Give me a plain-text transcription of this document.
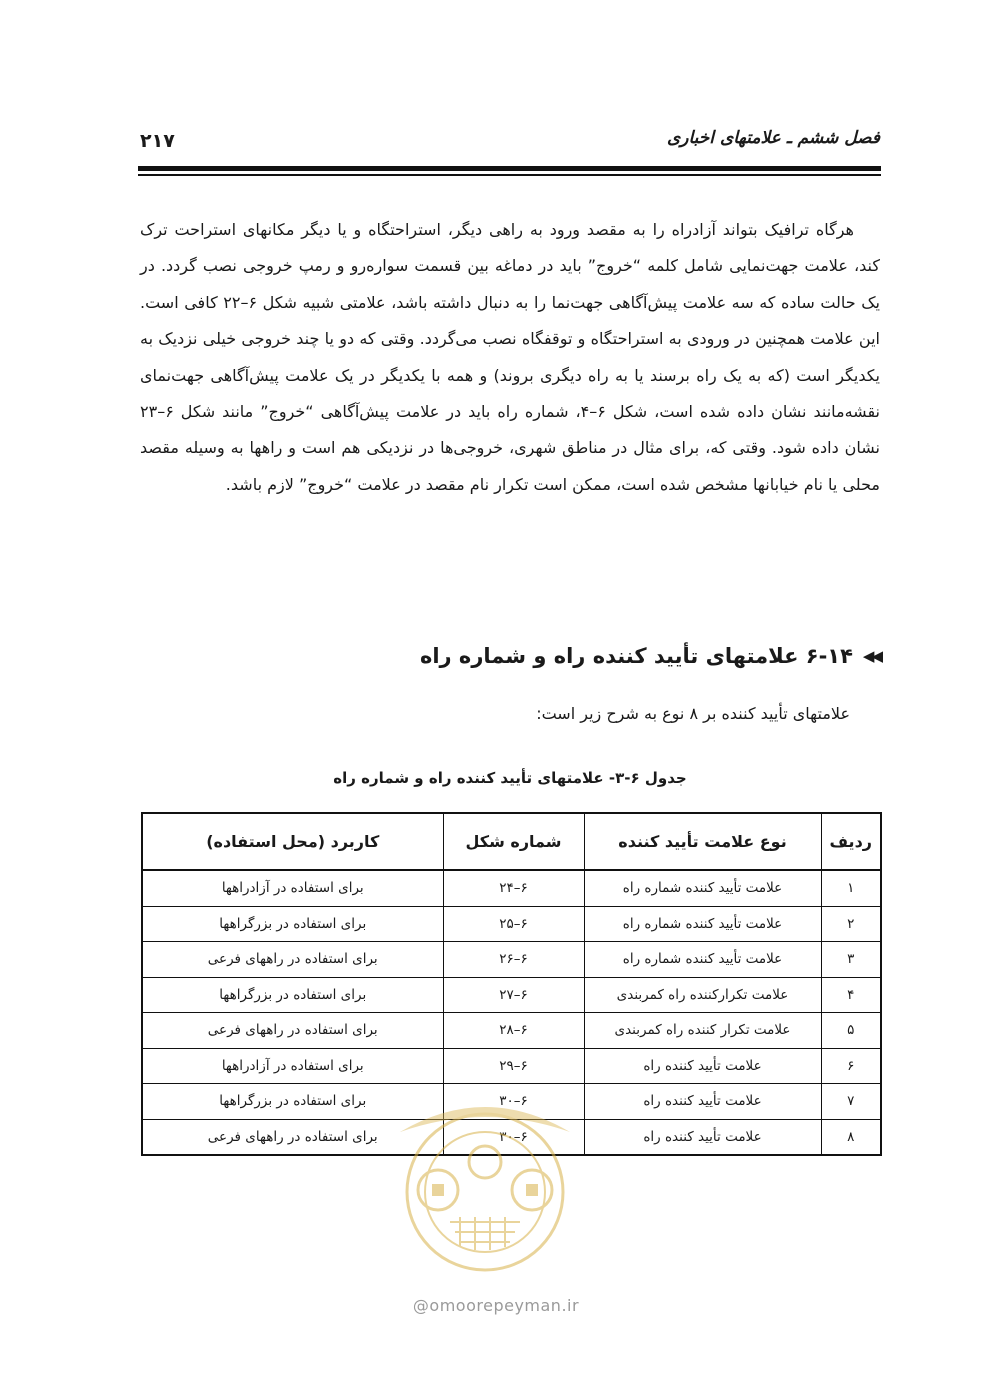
۲۱۷	فصل ششم ـ علامتهای اخباری

هرگاه ترافیک بتواند آزادراه را به مقصد ورود به راهی دیگر، استراحتگاه و یا دیگر مکانهای استراحت ترک کند، علامت جهت‌نمایی شامل کلمه “خروج” باید در دماغه بین قسمت سواره‌رو و رمپ خروجی نصب گردد. در یک حالت ساده که سه علامت پیش‌آگاهی جهت‌نما را به دنبال داشته باشد، علامتی شبیه شکل ۶–۲۲ کافی است. این علامت همچنین در ورودی به استراحتگاه و توقفگاه نصب می‌گردد. وقتی که دو یا چند خروجی خیلی نزدیک به یکدیگر است (که به یک راه برسند یا به راه دیگری بروند) و همه با یکدیگر در یک علامت پیش‌آگاهی جهت‌نمای نقشه‌مانند نشان داده شده است، شکل ۶–۴، شماره راه باید در علامت پیش‌آگاهی “خروج” مانند شکل ۶–۲۳ نشان داده شود. وقتی که، برای مثال در مناطق شهری، خروجی‌ها در نزدیکی هم است و راهها به وسیله مقصد محلی یا نام خیابانها مشخص شده است، ممکن است تکرار نام مقصد در علامت “خروج” لازم باشد.

◀◀
۶-۱۴ علامتهای تأیید کننده راه و شماره راه
علامتهای تأیید کننده بر ۸ نوع به شرح زیر است:
جدول ۶-۳- علامتهای تأیید کننده راه و شماره راه
ردیف	نوع علامت تأیید کننده	شماره شکل	کاربرد (محل استفاده)
۱	علامت تأیید کننده شماره راه	۶–۲۴	برای استفاده در آزادراهها
۲	علامت تأیید کننده شماره راه	۶–۲۵	برای استفاده در بزرگراهها
۳	علامت تأیید کننده شماره راه	۶–۲۶	برای استفاده در راههای فرعی
۴	علامت تکرارکننده راه کمربندی	۶–۲۷	برای استفاده در بزرگراهها
۵	علامت تکرار کننده راه کمربندی	۶–۲۸	برای استفاده در راههای فرعی
۶	علامت تأیید کننده راه	۶–۲۹	برای استفاده در آزادراهها
۷	علامت تأیید کننده راه	۶–۳۰	برای استفاده در بزرگراهها
۸	علامت تأیید کننده راه	۶–۳۰	برای استفاده در راههای فرعی
@omoorepeyman.ir
